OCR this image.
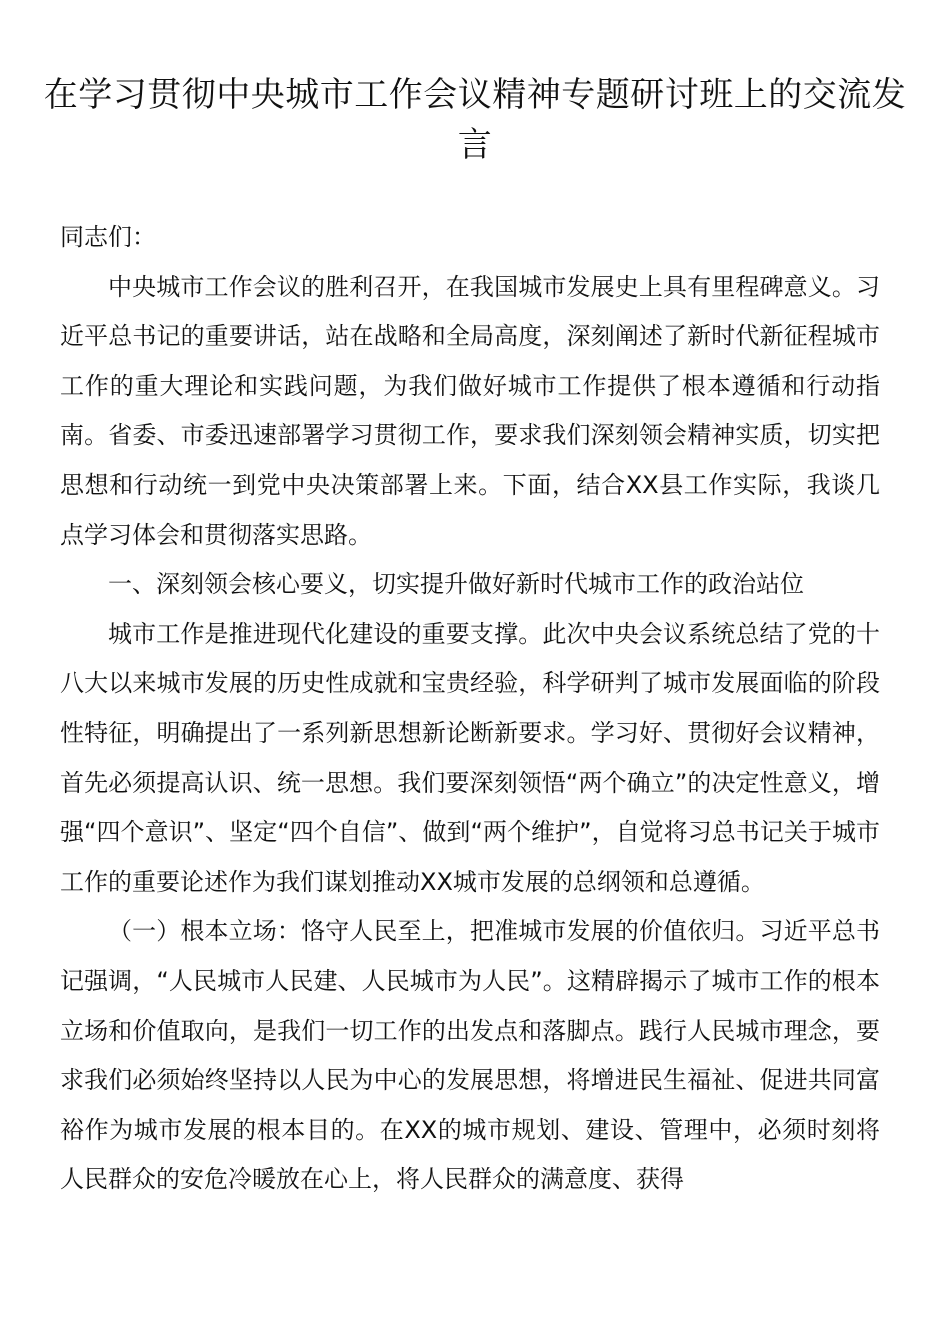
在学习贯彻中央城市工作会议精神专题研讨班上的交流发言

同志们：

中央城市工作会议的胜利召开，在我国城市发展史上具有里程碑意义。习近平总书记的重要讲话，站在战略和全局高度，深刻阐述了新时代新征程城市工作的重大理论和实践问题，为我们做好城市工作提供了根本遵循和行动指南。省委、市委迅速部署学习贯彻工作，要求我们深刻领会精神实质，切实把思想和行动统一到党中央决策部署上来。下面，结合XX县工作实际，我谈几点学习体会和贯彻落实思路。

一、深刻领会核心要义，切实提升做好新时代城市工作的政治站位

城市工作是推进现代化建设的重要支撑。此次中央会议系统总结了党的十八大以来城市发展的历史性成就和宝贵经验，科学研判了城市发展面临的阶段性特征，明确提出了一系列新思想新论断新要求。学习好、贯彻好会议精神，首先必须提高认识、统一思想。我们要深刻领悟“两个确立”的决定性意义，增强“四个意识”、坚定“四个自信”、做到“两个维护”，自觉将习总书记关于城市工作的重要论述作为我们谋划推动XX城市发展的总纲领和总遵循。

（一）根本立场：恪守人民至上，把准城市发展的价值依归。习近平总书记强调，“人民城市人民建、人民城市为人民”。这精辟揭示了城市工作的根本立场和价值取向，是我们一切工作的出发点和落脚点。践行人民城市理念，要求我们必须始终坚持以人民为中心的发展思想，将增进民生福祉、促进共同富裕作为城市发展的根本目的。在XX的城市规划、建设、管理中，必须时刻将人民群众的安危冷暖放在心上，将人民群众的满意度、获得
